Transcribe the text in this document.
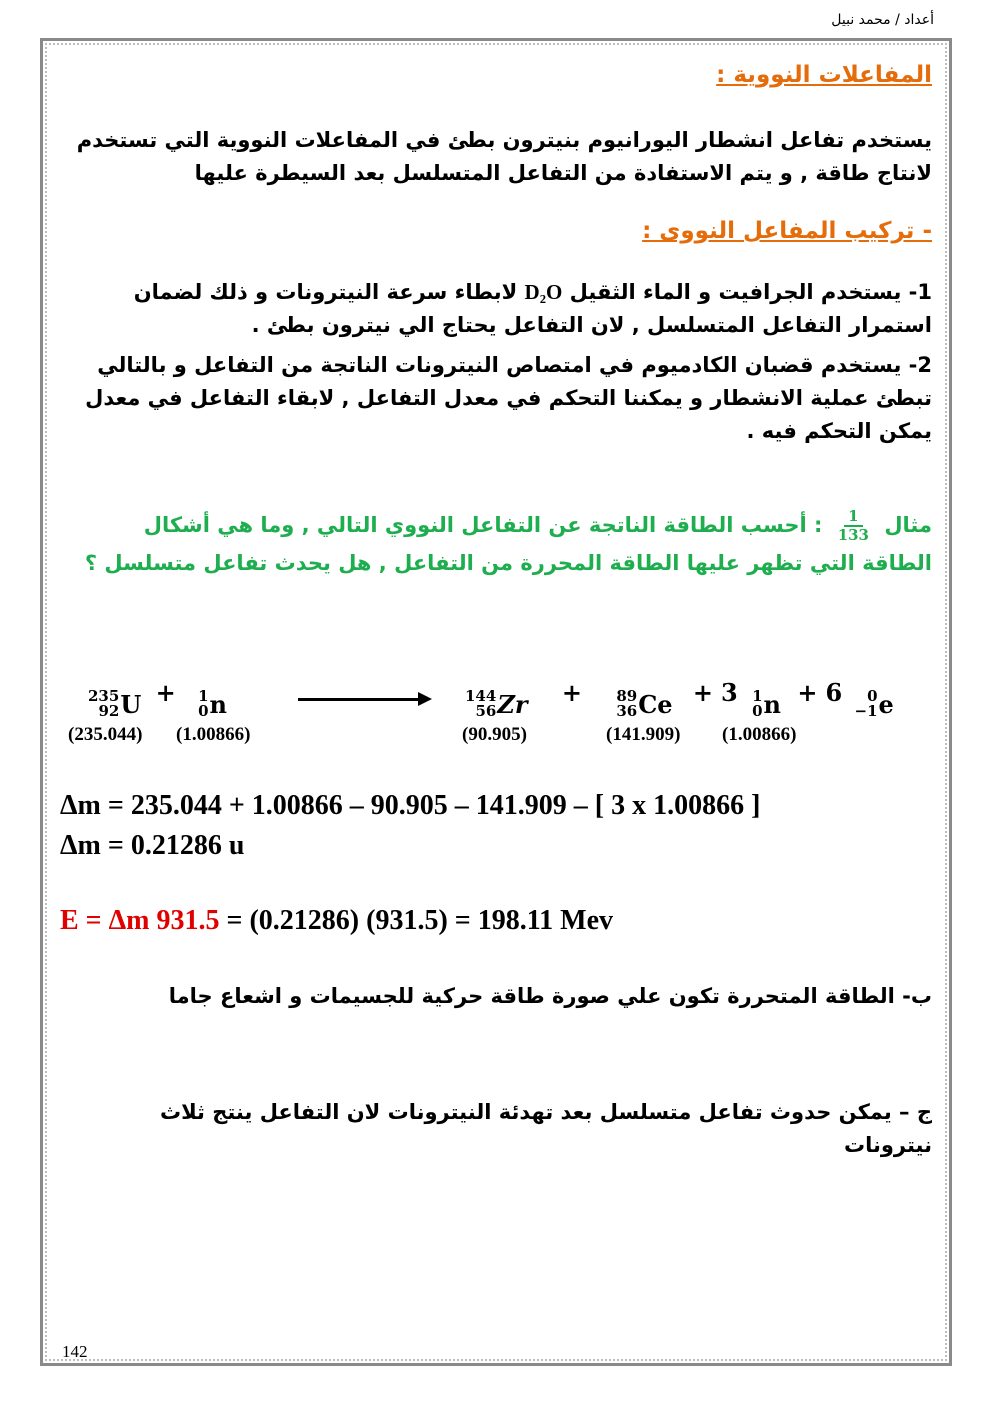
أعداد / محمد نبيل
المفاعلات النووية :
يستخدم تفاعل انشطار اليورانيوم بنيترون بطئ في المفاعلات النووية التي تستخدم لانتاج طاقة , و يتم الاستفادة من التفاعل المتسلسل بعد السيطرة عليها
- تركيب المفاعل النووى :
1- يستخدم الجرافيت و الماء الثقيل D₂O لابطاء سرعة النيترونات و ذلك لضمان استمرار التفاعل المتسلسل , لان التفاعل يحتاج الي نيترون بطئ .
2- يستخدم قضبان الكادميوم في امتصاص النيترونات الناتجة من التفاعل و بالتالي تبطئ عملية الانشطار و يمكننا التحكم في معدل التفاعل , لابقاء التفاعل في معدل يمكن التحكم فيه .
مثال
$\frac{1}{133}$
: أحسب الطاقة الناتجة عن التفاعل النووي التالي , وما هي أشكال
الطاقة التي تظهر عليها الطاقة المحررة من التفاعل , هل يحدث تفاعل متسلسل ؟
235
92 U + 1
0 n	144
56 Zr + 89
36 Ce + 3 1
0 n + 6	0
−1 e
(235.044) (1.00866)	(90.905)	(141.909) (1.00866)
Δm = 235.044 + 1.00866 – 90.905 – 141.909 – [ 3 x 1.00866 ]
Δm = 0.21286 u
E = Δm 931.5 = (0.21286) (931.5) = 198.11 Mev
ب- الطاقة المتحررة تكون علي صورة طاقة حركية للجسيمات و اشعاع جاما
ج – يمكن حدوث تفاعل متسلسل بعد تهدئة النيترونات لان التفاعل ينتج ثلاث نيترونات
142
